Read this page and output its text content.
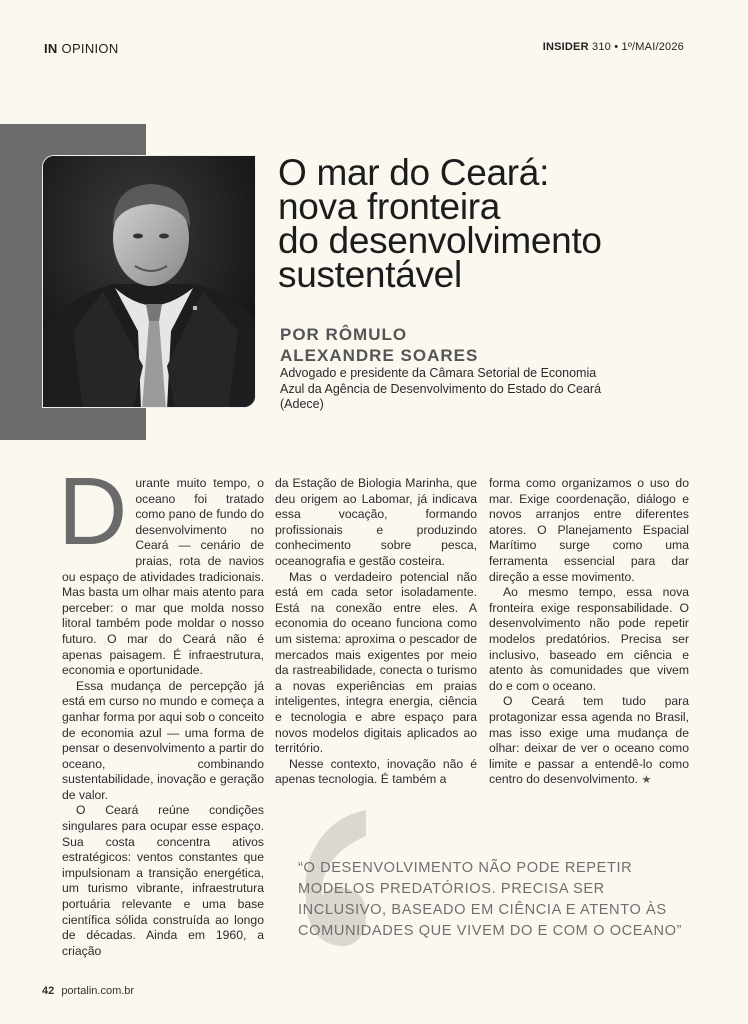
IN OPINION	INSIDER 310 • 1º/MAI/2026
O mar do Ceará:
nova fronteira
do desenvolvimento
sustentável
POR RÔMULO
ALEXANDRE SOARES
Advogado e presidente da Câmara Setorial de Economia Azul da Agência de Desenvolvimento do Estado do Ceará (Adece)

Durante muito tempo, o oceano foi tratado como pano de fundo do desenvolvimento no Ceará — cenário de praias, rota de navios ou espaço de atividades tradicionais. Mas basta um olhar mais atento para perceber: o mar que molda nosso litoral também pode moldar o nosso futuro. O mar do Ceará não é apenas paisagem. É infraestrutura, economia e oportunidade.

Essa mudança de percepção já está em curso no mundo e começa a ganhar forma por aqui sob o conceito de economia azul — uma forma de pensar o desenvolvimento a partir do oceano, combinando sustentabilidade, inovação e geração de valor.

O Ceará reúne condições singulares para ocupar esse espaço. Sua costa concentra ativos estratégicos: ventos constantes que impulsionam a transição energética, um turismo vibrante, infraestrutura portuária relevante e uma base científica sólida construída ao longo de décadas. Ainda em 1960, a criação

da Estação de Biologia Marinha, que deu origem ao Labomar, já indicava essa vocação, formando profissionais e produzindo conhecimento sobre pesca, oceanografia e gestão costeira.

Mas o verdadeiro potencial não está em cada setor isoladamente. Está na conexão entre eles. A economia do oceano funciona como um sistema: aproxima o pescador de mercados mais exigentes por meio da rastreabilidade, conecta o turismo a novas experiências em praias inteligentes, integra energia, ciência e tecnologia e abre espaço para novos modelos digitais aplicados ao território.

Nesse contexto, inovação não é apenas tecnologia. É também a

forma como organizamos o uso do mar. Exige coordenação, diálogo e novos arranjos entre diferentes atores. O Planejamento Espacial Marítimo surge como uma ferramenta essencial para dar direção a esse movimento.

Ao mesmo tempo, essa nova fronteira exige responsabilidade. O desenvolvimento não pode repetir modelos predatórios. Precisa ser inclusivo, baseado em ciência e atento às comunidades que vivem do e com o oceano.

O Ceará tem tudo para protagonizar essa agenda no Brasil, mas isso exige uma mudança de olhar: deixar de ver o oceano como limite e passar a entendê-lo como centro do desenvolvimento. ★

“O DESENVOLVIMENTO NÃO PODE REPETIR MODELOS PREDATÓRIOS. PRECISA SER INCLUSIVO, BASEADO EM CIÊNCIA E ATENTO ÀS COMUNIDADES QUE VIVEM DO E COM O OCEANO”
42 portalin.com.br
